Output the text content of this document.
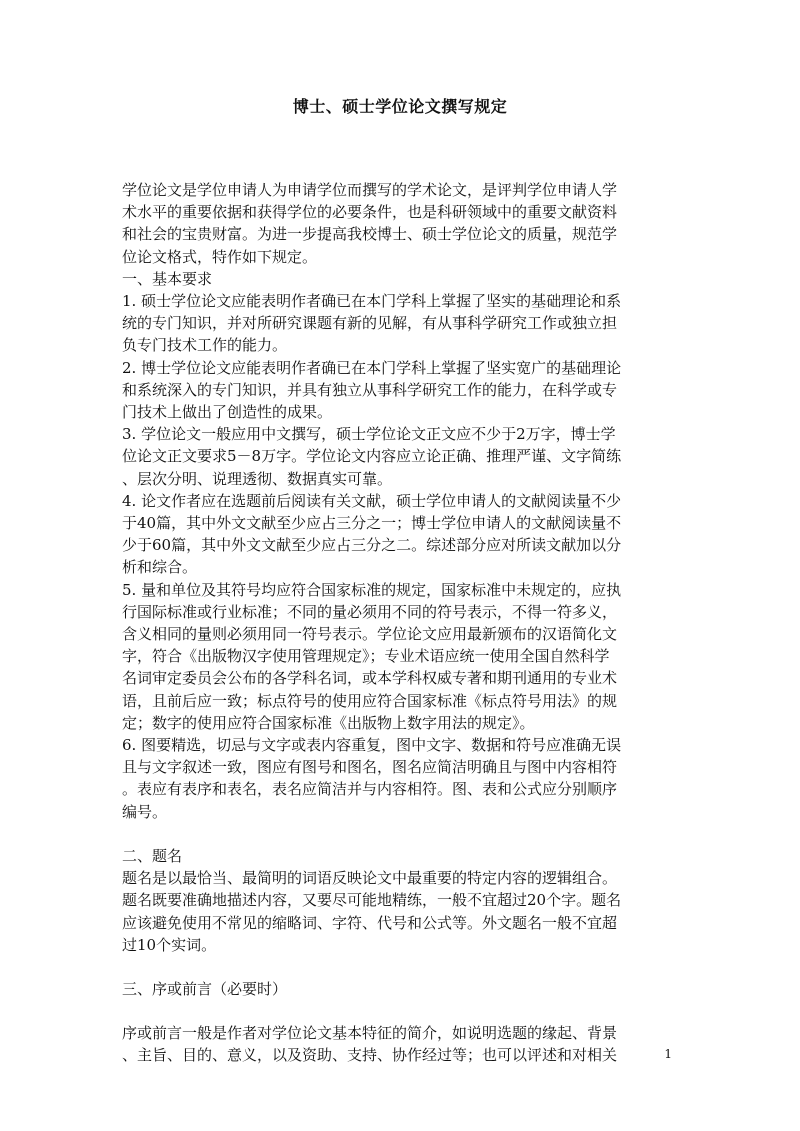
博士、硕士学位论文撰写规定

学位论文是学位申请人为申请学位而撰写的学术论文，是评判学位申请人学
术水平的重要依据和获得学位的必要条件，也是科研领域中的重要文献资料
和社会的宝贵财富。为进一步提高我校博士、硕士学位论文的质量，规范学
位论文格式，特作如下规定。

一、基本要求

1. 硕士学位论文应能表明作者确已在本门学科上掌握了坚实的基础理论和系
统的专门知识，并对所研究课题有新的见解，有从事科学研究工作或独立担
负专门技术工作的能力。

2. 博士学位论文应能表明作者确已在本门学科上掌握了坚实宽广的基础理论
和系统深入的专门知识，并具有独立从事科学研究工作的能力，在科学或专
门技术上做出了创造性的成果。

3. 学位论文一般应用中文撰写，硕士学位论文正文应不少于2万字，博士学
位论文正文要求5－8万字。学位论文内容应立论正确、推理严谨、文字简练
、层次分明、说理透彻、数据真实可靠。

4. 论文作者应在选题前后阅读有关文献，硕士学位申请人的文献阅读量不少
于40篇，其中外文文献至少应占三分之一；博士学位申请人的文献阅读量不
少于60篇，其中外文文献至少应占三分之二。综述部分应对所读文献加以分
析和综合。

5. 量和单位及其符号均应符合国家标准的规定，国家标准中未规定的，应执
行国际标准或行业标准；不同的量必须用不同的符号表示，不得一符多义，
含义相同的量则必须用同一符号表示。学位论文应用最新颁布的汉语简化文
字，符合《出版物汉字使用管理规定》；专业术语应统一使用全国自然科学
名词审定委员会公布的各学科名词，或本学科权威专著和期刊通用的专业术
语，且前后应一致；标点符号的使用应符合国家标准《标点符号用法》的规
定；数字的使用应符合国家标准《出版物上数字用法的规定》。

6. 图要精选，切忌与文字或表内容重复，图中文字、数据和符号应准确无误
且与文字叙述一致，图应有图号和图名，图名应简洁明确且与图中内容相符
。表应有表序和表名，表名应简洁并与内容相符。图、表和公式应分别顺序
编号。

二、题名

题名是以最恰当、最简明的词语反映论文中最重要的特定内容的逻辑组合。
题名既要准确地描述内容，又要尽可能地精练，一般不宜超过20个字。题名
应该避免使用不常见的缩略词、字符、代号和公式等。外文题名一般不宜超
过10个实词。

三、序或前言（必要时）

序或前言一般是作者对学位论文基本特征的简介，如说明选题的缘起、背景
、主旨、目的、意义，以及资助、支持、协作经过等；也可以评述和对相关	1
